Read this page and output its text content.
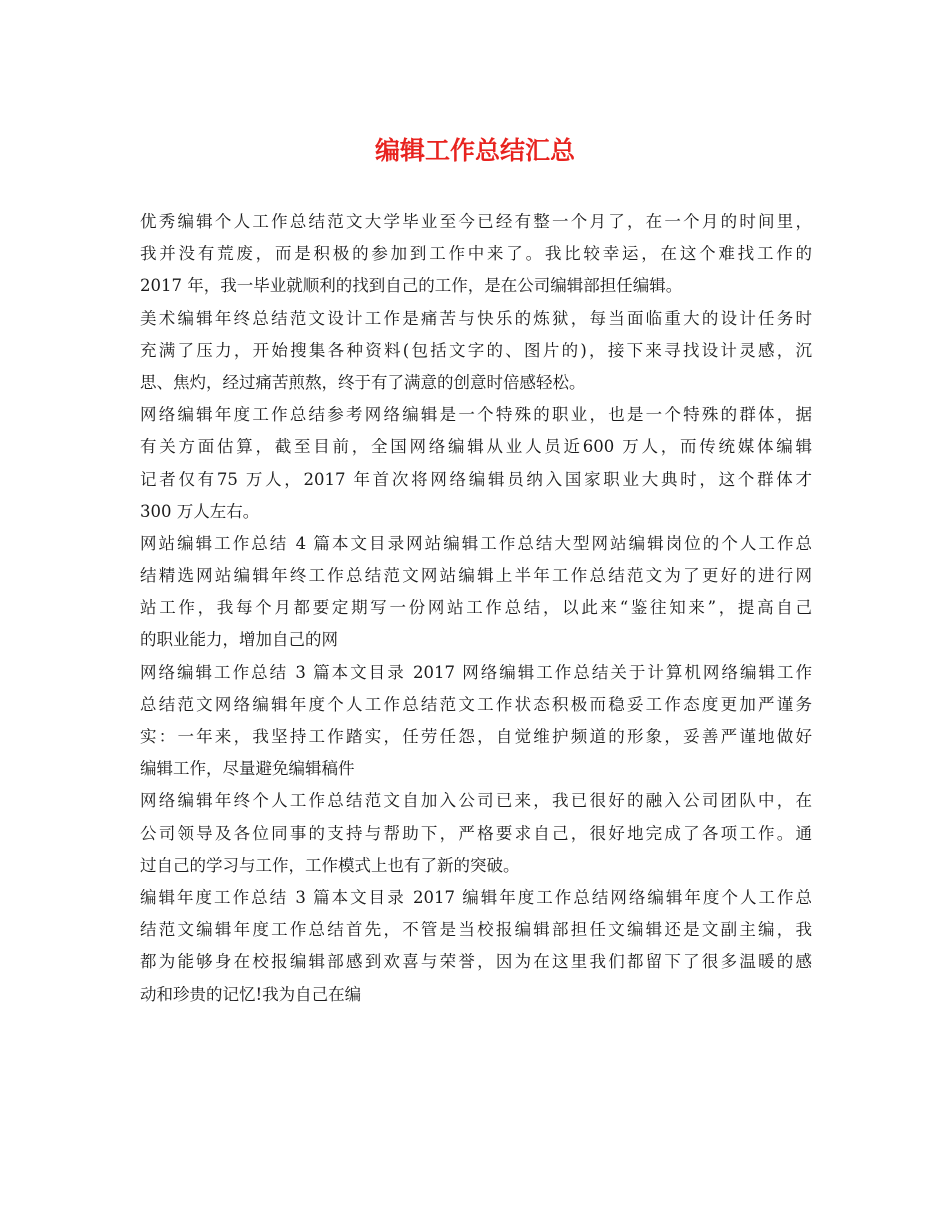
编辑工作总结汇总
优秀编辑个人工作总结范文大学毕业至今已经有整一个月了，在一个月的时间里，
我并没有荒废，而是积极的参加到工作中来了。我比较幸运，在这个难找工作的
2017 年，我一毕业就顺利的找到自己的工作，是在公司编辑部担任编辑。
美术编辑年终总结范文设计工作是痛苦与快乐的炼狱，每当面临重大的设计任务时
充满了压力，开始搜集各种资料(包括文字的、图片的)，接下来寻找设计灵感，沉
思、焦灼，经过痛苦煎熬，终于有了满意的创意时倍感轻松。
网络编辑年度工作总结参考网络编辑是一个特殊的职业，也是一个特殊的群体，据
有关方面估算，截至目前，全国网络编辑从业人员近600 万人，而传统媒体编辑
记者仅有75 万人，2017 年首次将网络编辑员纳入国家职业大典时，这个群体才
300 万人左右。
网站编辑工作总结 4 篇本文目录网站编辑工作总结大型网站编辑岗位的个人工作总
结精选网站编辑年终工作总结范文网站编辑上半年工作总结范文为了更好的进行网
站工作，我每个月都要定期写一份网站工作总结，以此来“鉴往知来”，提高自己
的职业能力，增加自己的网
网络编辑工作总结 3 篇本文目录 2017 网络编辑工作总结关于计算机网络编辑工作
总结范文网络编辑年度个人工作总结范文工作状态积极而稳妥工作态度更加严谨务
实：一年来，我坚持工作踏实，任劳任怨，自觉维护频道的形象，妥善严谨地做好
编辑工作，尽量避免编辑稿件
网络编辑年终个人工作总结范文自加入公司已来，我已很好的融入公司团队中，在
公司领导及各位同事的支持与帮助下，严格要求自己，很好地完成了各项工作。通
过自己的学习与工作，工作模式上也有了新的突破。
编辑年度工作总结 3 篇本文目录 2017 编辑年度工作总结网络编辑年度个人工作总
结范文编辑年度工作总结首先，不管是当校报编辑部担任文编辑还是文副主编，我
都为能够身在校报编辑部感到欢喜与荣誉，因为在这里我们都留下了很多温暖的感
动和珍贵的记忆!我为自己在编
